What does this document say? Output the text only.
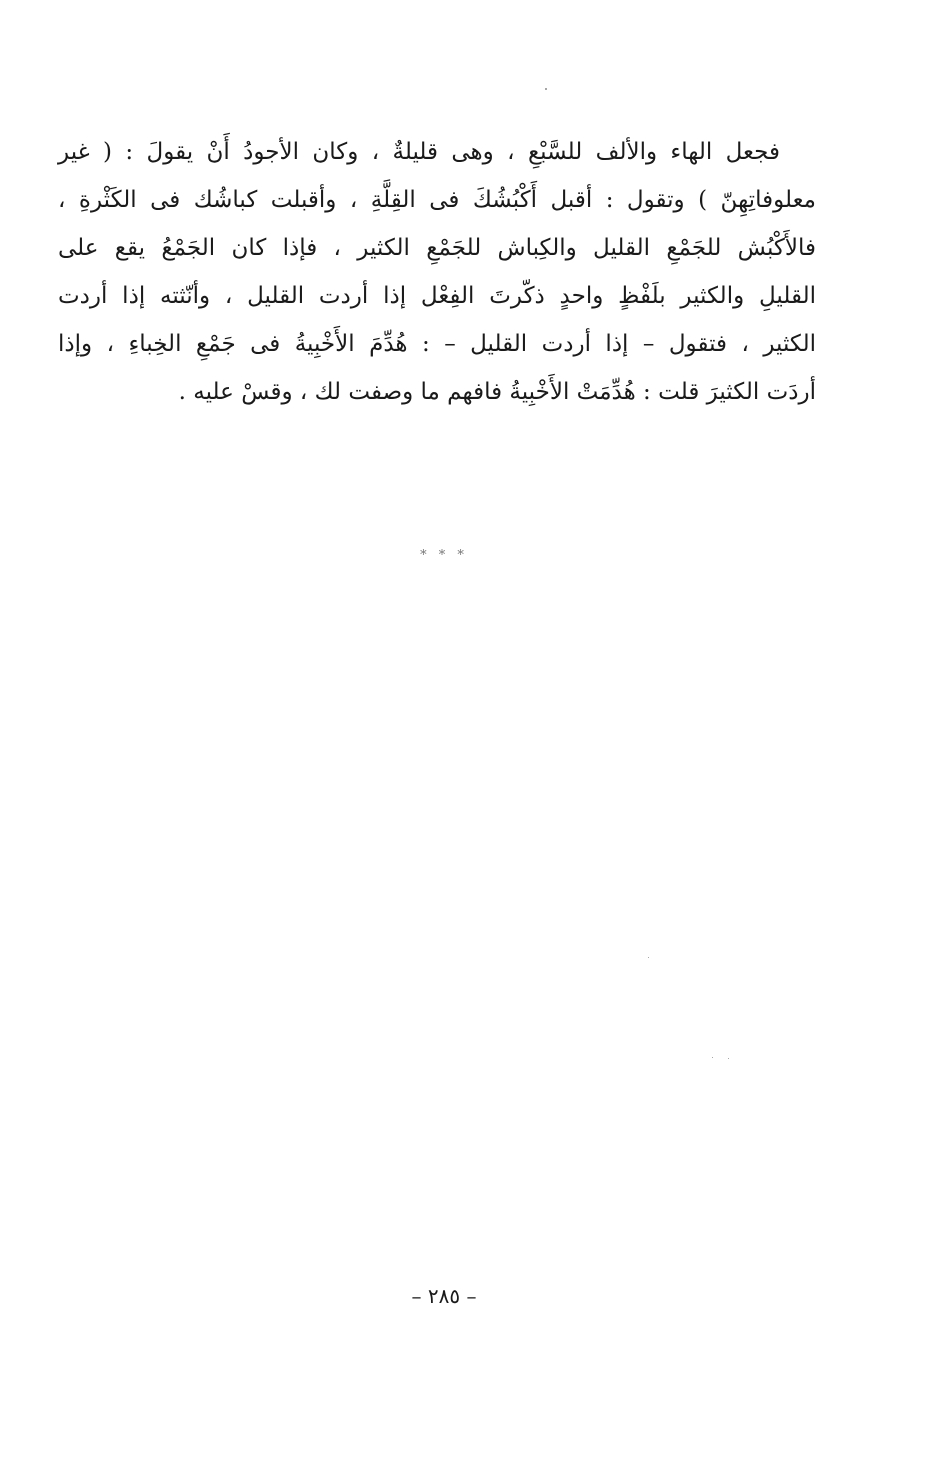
فجعل الهاء والألف للسَّبْعِ ، وهى قليلةٌ ، وكان الأجودُ أَنْ يقولَ : ( غير
معلوفاتِهِنّ ) وتقول : أقبل أَكْبُشُكَ فى القِلَّةِ ، وأقبلت كباشُك فى الكَثْرةِ ،
فالأَكْبُش للجَمْعِ القليل والكِباش للجَمْعِ الكثير ، فإذا كان الجَمْعُ يقع على
القليلِ والكثير بلَفْظٍ واحدٍ ذكّرتَ الفِعْل إذا أردت القليل ، وأنّثته إذا أردت
الكثير ، فتقول – إذا أردت القليل – : هُدِّمَ الأَخْبِيةُ فى جَمْعِ الخِباءِ ، وإذا
أردَت الكثيرَ قلت : هُدِّمَتْ الأَخْبِيةُ فافهم ما وصفت لك ، وقسْ عليه .
* * *
– ٢٨٥ –
